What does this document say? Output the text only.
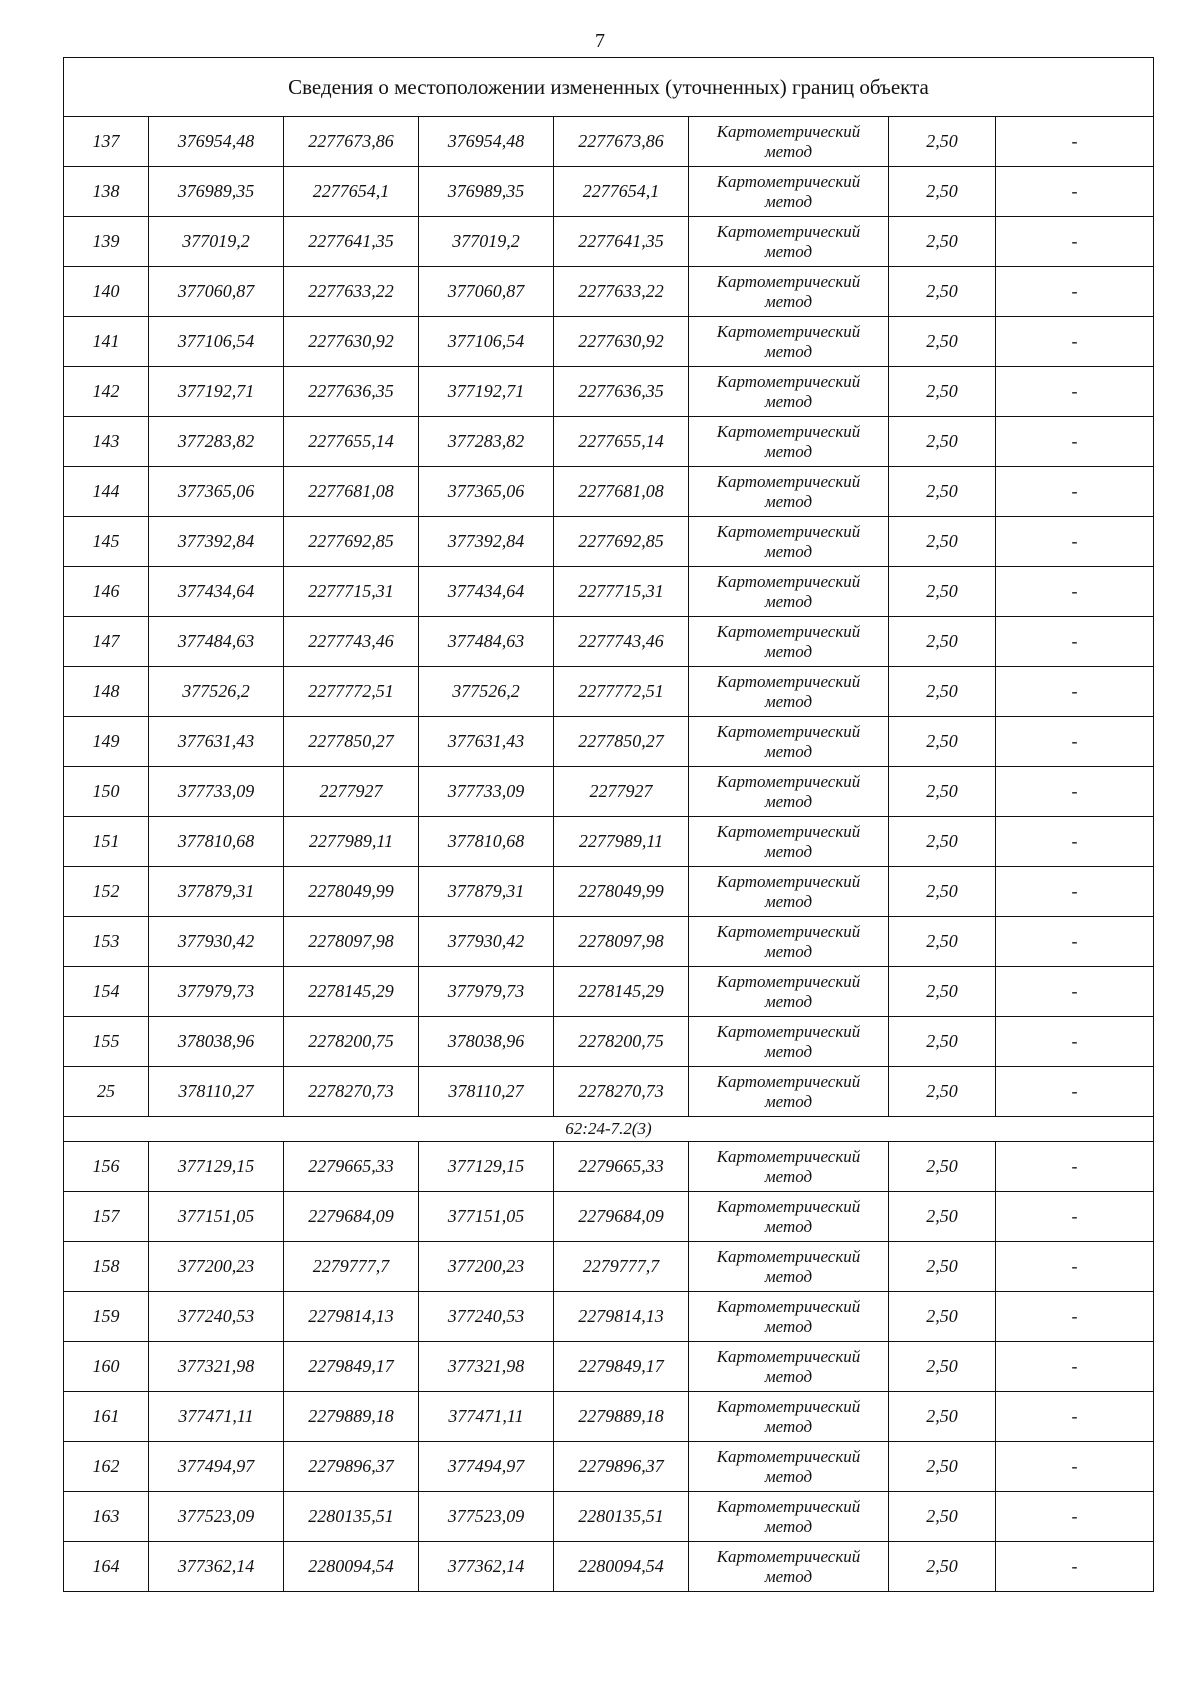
7
Сведения о местоположении измененных (уточненных) границ объекта							
137	376954,48	2277673,86	376954,48	2277673,86	Картометрический
метод	2,50	-
138	376989,35	2277654,1	376989,35	2277654,1	Картометрический
метод	2,50	-
139	377019,2	2277641,35	377019,2	2277641,35	Картометрический
метод	2,50	-
140	377060,87	2277633,22	377060,87	2277633,22	Картометрический
метод	2,50	-
141	377106,54	2277630,92	377106,54	2277630,92	Картометрический
метод	2,50	-
142	377192,71	2277636,35	377192,71	2277636,35	Картометрический
метод	2,50	-
143	377283,82	2277655,14	377283,82	2277655,14	Картометрический
метод	2,50	-
144	377365,06	2277681,08	377365,06	2277681,08	Картометрический
метод	2,50	-
145	377392,84	2277692,85	377392,84	2277692,85	Картометрический
метод	2,50	-
146	377434,64	2277715,31	377434,64	2277715,31	Картометрический
метод	2,50	-
147	377484,63	2277743,46	377484,63	2277743,46	Картометрический
метод	2,50	-
148	377526,2	2277772,51	377526,2	2277772,51	Картометрический
метод	2,50	-
149	377631,43	2277850,27	377631,43	2277850,27	Картометрический
метод	2,50	-
150	377733,09	2277927	377733,09	2277927	Картометрический
метод	2,50	-
151	377810,68	2277989,11	377810,68	2277989,11	Картометрический
метод	2,50	-
152	377879,31	2278049,99	377879,31	2278049,99	Картометрический
метод	2,50	-
153	377930,42	2278097,98	377930,42	2278097,98	Картометрический
метод	2,50	-
154	377979,73	2278145,29	377979,73	2278145,29	Картометрический
метод	2,50	-
155	378038,96	2278200,75	378038,96	2278200,75	Картометрический
метод	2,50	-
25	378110,27	2278270,73	378110,27	2278270,73	Картометрический
метод	2,50	-
62:24-7.2(3)							
156	377129,15	2279665,33	377129,15	2279665,33	Картометрический
метод	2,50	-
157	377151,05	2279684,09	377151,05	2279684,09	Картометрический
метод	2,50	-
158	377200,23	2279777,7	377200,23	2279777,7	Картометрический
метод	2,50	-
159	377240,53	2279814,13	377240,53	2279814,13	Картометрический
метод	2,50	-
160	377321,98	2279849,17	377321,98	2279849,17	Картометрический
метод	2,50	-
161	377471,11	2279889,18	377471,11	2279889,18	Картометрический
метод	2,50	-
162	377494,97	2279896,37	377494,97	2279896,37	Картометрический
метод	2,50	-
163	377523,09	2280135,51	377523,09	2280135,51	Картометрический
метод	2,50	-
164	377362,14	2280094,54	377362,14	2280094,54	Картометрический
метод	2,50	-
